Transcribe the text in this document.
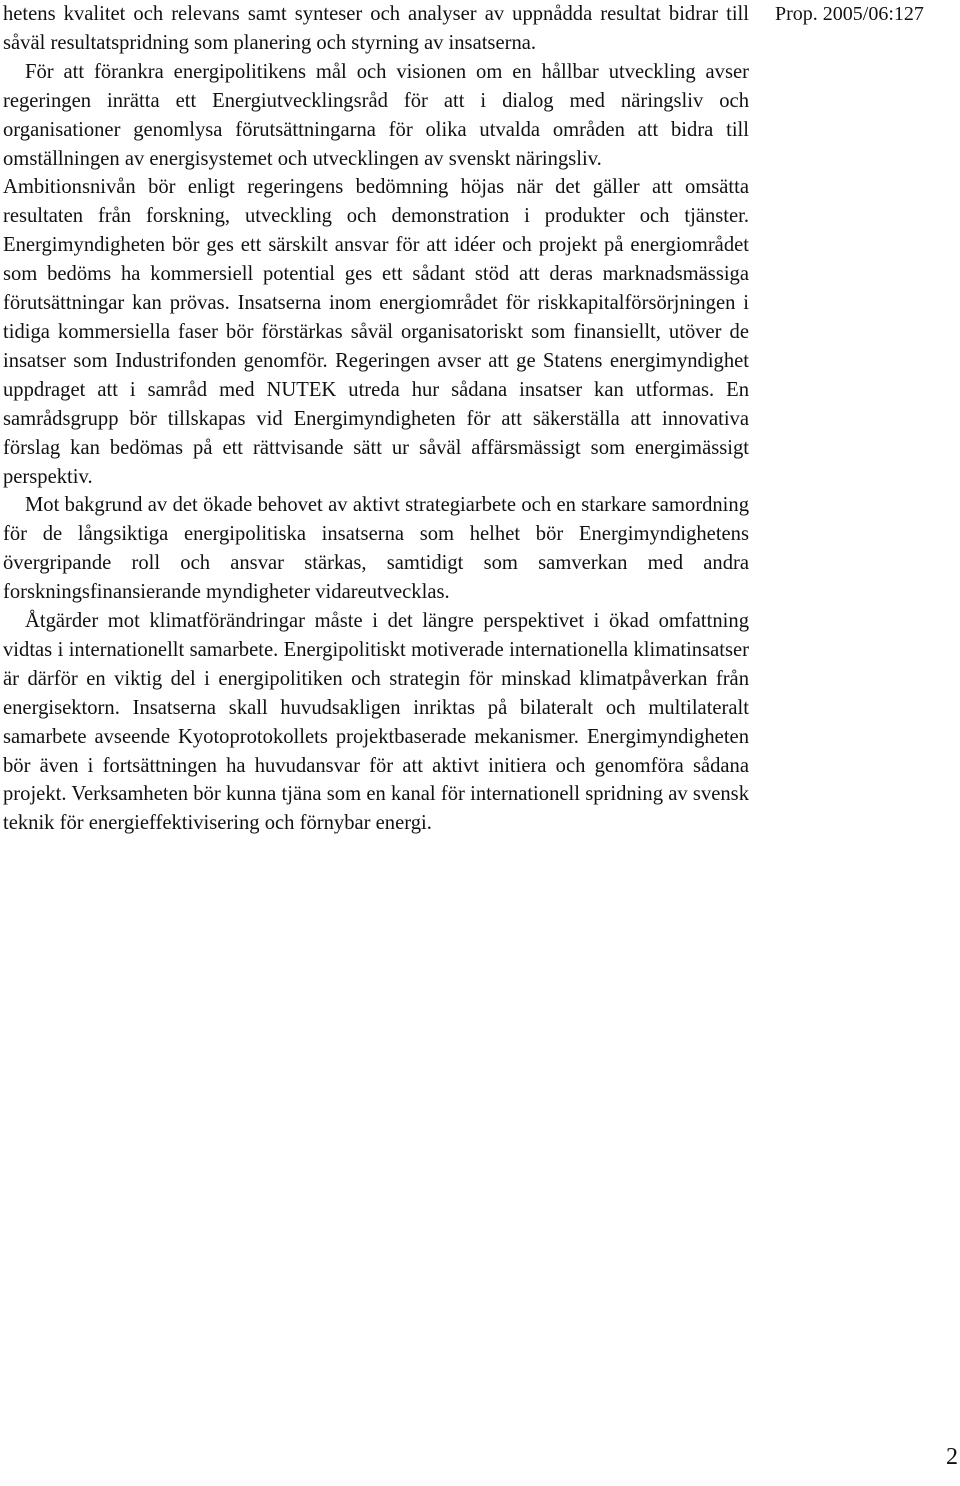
Prop. 2005/06:127

hetens kvalitet och relevans samt synteser och analyser av uppnådda resultat bidrar till såväl resultatspridning som planering och styrning av insatserna.

För att förankra energipolitikens mål och visionen om en hållbar utveckling avser regeringen inrätta ett Energiutvecklingsråd för att i dialog med näringsliv och organisationer genomlysa förutsättningarna för olika utvalda områden att bidra till omställningen av energisystemet och utvecklingen av svenskt näringsliv.

Ambitionsnivån bör enligt regeringens bedömning höjas när det gäller att omsätta resultaten från forskning, utveckling och demonstration i produkter och tjänster. Energimyndigheten bör ges ett särskilt ansvar för att idéer och projekt på energiområdet som bedöms ha kommersiell potential ges ett sådant stöd att deras marknadsmässiga förutsättningar kan prövas. Insatserna inom energiområdet för riskkapitalförsörjningen i tidiga kommersiella faser bör förstärkas såväl organisatoriskt som finansiellt, utöver de insatser som Industrifonden genomför. Regeringen avser att ge Statens energimyndighet uppdraget att i samråd med NUTEK utreda hur sådana insatser kan utformas. En samrådsgrupp bör tillskapas vid Energimyndigheten för att säkerställa att innovativa förslag kan bedömas på ett rättvisande sätt ur såväl affärsmässigt som energimässigt perspektiv.

Mot bakgrund av det ökade behovet av aktivt strategiarbete och en starkare samordning för de långsiktiga energipolitiska insatserna som helhet bör Energimyndighetens övergripande roll och ansvar stärkas, samtidigt som samverkan med andra forskningsfinansierande myndigheter vidareutvecklas.

Åtgärder mot klimatförändringar måste i det längre perspektivet i ökad omfattning vidtas i internationellt samarbete. Energipolitiskt motiverade internationella klimatinsatser är därför en viktig del i energipolitiken och strategin för minskad klimatpåverkan från energisektorn. Insatserna skall huvudsakligen inriktas på bilateralt och multilateralt samarbete avseende Kyotoprotokollets projektbaserade mekanismer. Energimyndigheten bör även i fortsättningen ha huvudansvar för att aktivt initiera och genomföra sådana projekt. Verksamheten bör kunna tjäna som en kanal för internationell spridning av svensk teknik för energieffektivisering och förnybar energi.

2
